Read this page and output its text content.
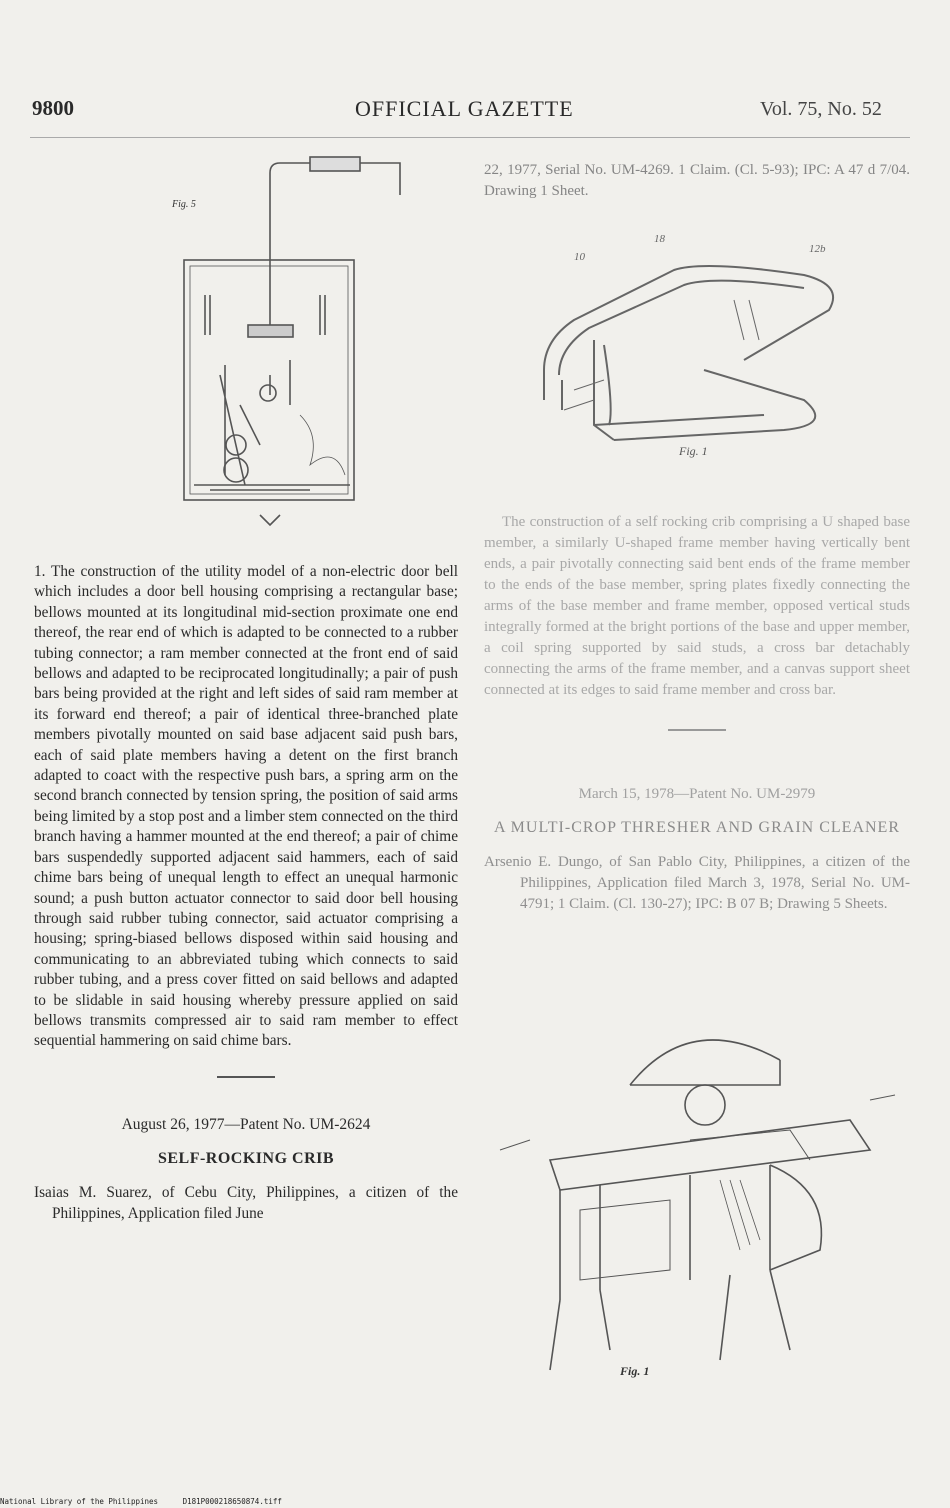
9800	OFFICIAL GAZETTE	Vol. 75, No. 52
Fig. 5

1. The construction of the utility model of a non-electric door bell which includes a door bell housing comprising a rectangular base; bellows mounted at its longitudinal mid-section proximate one end thereof, the rear end of which is adapted to be connected to a rubber tubing connector; a ram member connected at the front end of said bellows and adapted to be reciprocated longitudinally; a pair of push bars being provided at the right and left sides of said ram member at its forward end thereof; a pair of identical three-branched plate members pivotally mounted on said base adjacent said push bars, each of said plate members having a detent on the first branch adapted to coact with the respective push bars, a spring arm on the second branch connected by tension spring, the position of said arms being limited by a stop post and a limber stem connected on the third branch having a hammer mounted at the end thereof; a pair of chime bars suspendedly supported adjacent said hammers, each of said chime bars being of unequal length to effect an unequal harmonic sound; a push button actuator connector to said door bell housing through said rubber tubing connector, said actuator comprising a housing; spring-biased bellows disposed within said housing and communicating to an abbreviated tubing which connects to said rubber tubing, and a press cover fitted on said bellows and adapted to be slidable in said housing whereby pressure applied on said bellows transmits compressed air to said ram member to effect sequential hammering on said chime bars.

August 26, 1977—Patent No. UM-2624

SELF-ROCKING CRIB

Isaias M. Suarez, of Cebu City, Philippines, a citizen of the Philippines, Application filed June

22, 1977, Serial No. UM-4269. 1 Claim. (Cl. 5-93); IPC: A 47 d 7/04. Drawing 1 Sheet.

10
18
12b
Fig. 1

The construction of a self rocking crib comprising a U shaped base member, a similarly U-shaped frame member having vertically bent ends, a pair pivotally connecting said bent ends of the frame member to the ends of the base member, spring plates fixedly connecting the arms of the base member and frame member, opposed vertical studs integrally formed at the bright portions of the base and upper member, a coil spring supported by said studs, a cross bar detachably connecting the arms of the frame member, and a canvas support sheet connected at its edges to said frame member and cross bar.

March 15, 1978—Patent No. UM-2979

A MULTI-CROP THRESHER AND GRAIN CLEANER

Arsenio E. Dungo, of San Pablo City, Philippines, a citizen of the Philippines, Application filed March 3, 1978, Serial No. UM-4791; 1 Claim. (Cl. 130-27); IPC: B 07 B; Drawing 5 Sheets.

Fig. 1
National Library of the Philippines	D181P000218650874.tiff
